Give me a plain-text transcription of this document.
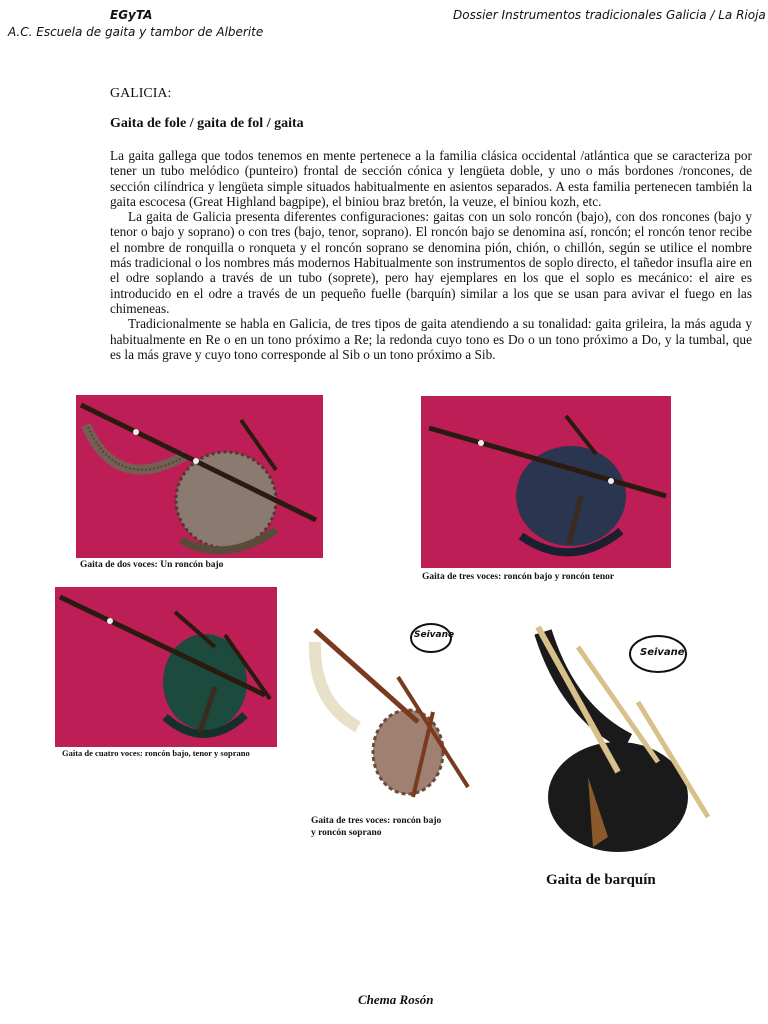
EGyTA
A.C. Escuela de gaita y tambor de Alberite
Dossier Instrumentos tradicionales Galicia / La Rioja
GALICIA:
Gaita de fole / gaita de fol / gaita

La gaita gallega que todos tenemos en mente pertenece a la familia clásica occidental /atlántica que se caracteriza por tener un tubo melódico (punteiro) frontal de sección cónica y lengüeta doble, y uno o más bordones /roncones, de sección cilíndrica y lengüeta simple situados habitualmente en asientos separados. A esta familia pertenecen también la gaita escocesa (Great Highland bagpipe), el biniou braz bretón, la veuze, el biniou kozh, etc.

La gaita de Galicia presenta diferentes configuraciones: gaitas con un solo roncón (bajo), con dos roncones (bajo y tenor o bajo y soprano) o con tres (bajo, tenor, soprano). El roncón bajo se denomina así, roncón; el roncón tenor recibe el nombre de ronquilla o ronqueta y el roncón soprano se denomina pión, chión, o chillón, según se utilice el nombre más tradicional o los nombres más modernos Habitualmente son instrumentos de soplo directo, el tañedor insufla aire en el odre soplando a través de un tubo (soprete), pero hay ejemplares en los que el soplo es mecánico: el aire es introducido en el odre a través de un pequeño fuelle (barquín) similar a los que se usan para avivar el fuego en las chimeneas.

Tradicionalmente se habla en Galicia, de tres tipos de gaita atendiendo a su tonalidad: gaita grileira, la más aguda y habitualmente en Re o en un tono próximo a Re; la redonda cuyo tono es Do o un tono próximo a Do, y la tumbal, que es la más grave y cuyo tono corresponde al Sib o un tono próximo a Sib.

Gaita de dos voces: Un roncón bajo
Gaita de tres voces: roncón bajo y roncón tenor
Gaita de cuatro voces: roncón bajo, tenor y soprano
Seivane
Gaita de tres voces: roncón bajo
y roncón soprano
Seivane
Gaita de barquín
Chema Rosón
